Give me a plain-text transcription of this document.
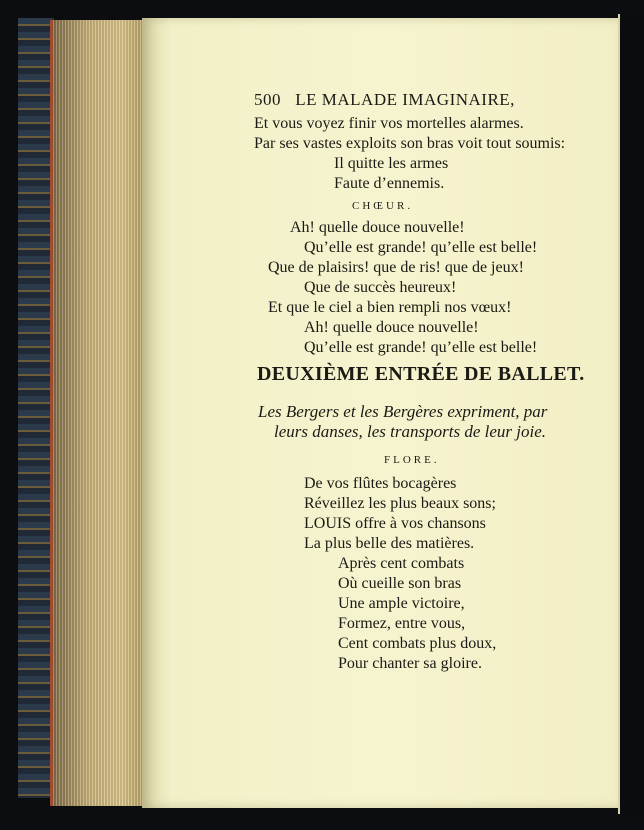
500 LE MALADE IMAGINAIRE,
Et vous voyez finir vos mortelles alarmes.
Par ses vastes exploits son bras voit tout soumis:
Il quitte les armes
Faute d’ennemis.
CHŒUR.
Ah! quelle douce nouvelle!
Qu’elle est grande! qu’elle est belle!
Que de plaisirs! que de ris! que de jeux!
Que de succès heureux!
Et que le ciel a bien rempli nos vœux!
Ah! quelle douce nouvelle!
Qu’elle est grande! qu’elle est belle!
DEUXIÈME ENTRÉE DE BALLET.
Les Bergers et les Bergères expriment, par
leurs danses, les transports de leur joie.
FLORE.
De vos flûtes bocagères
Réveillez les plus beaux sons;
LOUIS offre à vos chansons
La plus belle des matières.
Après cent combats
Où cueille son bras
Une ample victoire,
Formez, entre vous,
Cent combats plus doux,
Pour chanter sa gloire.
